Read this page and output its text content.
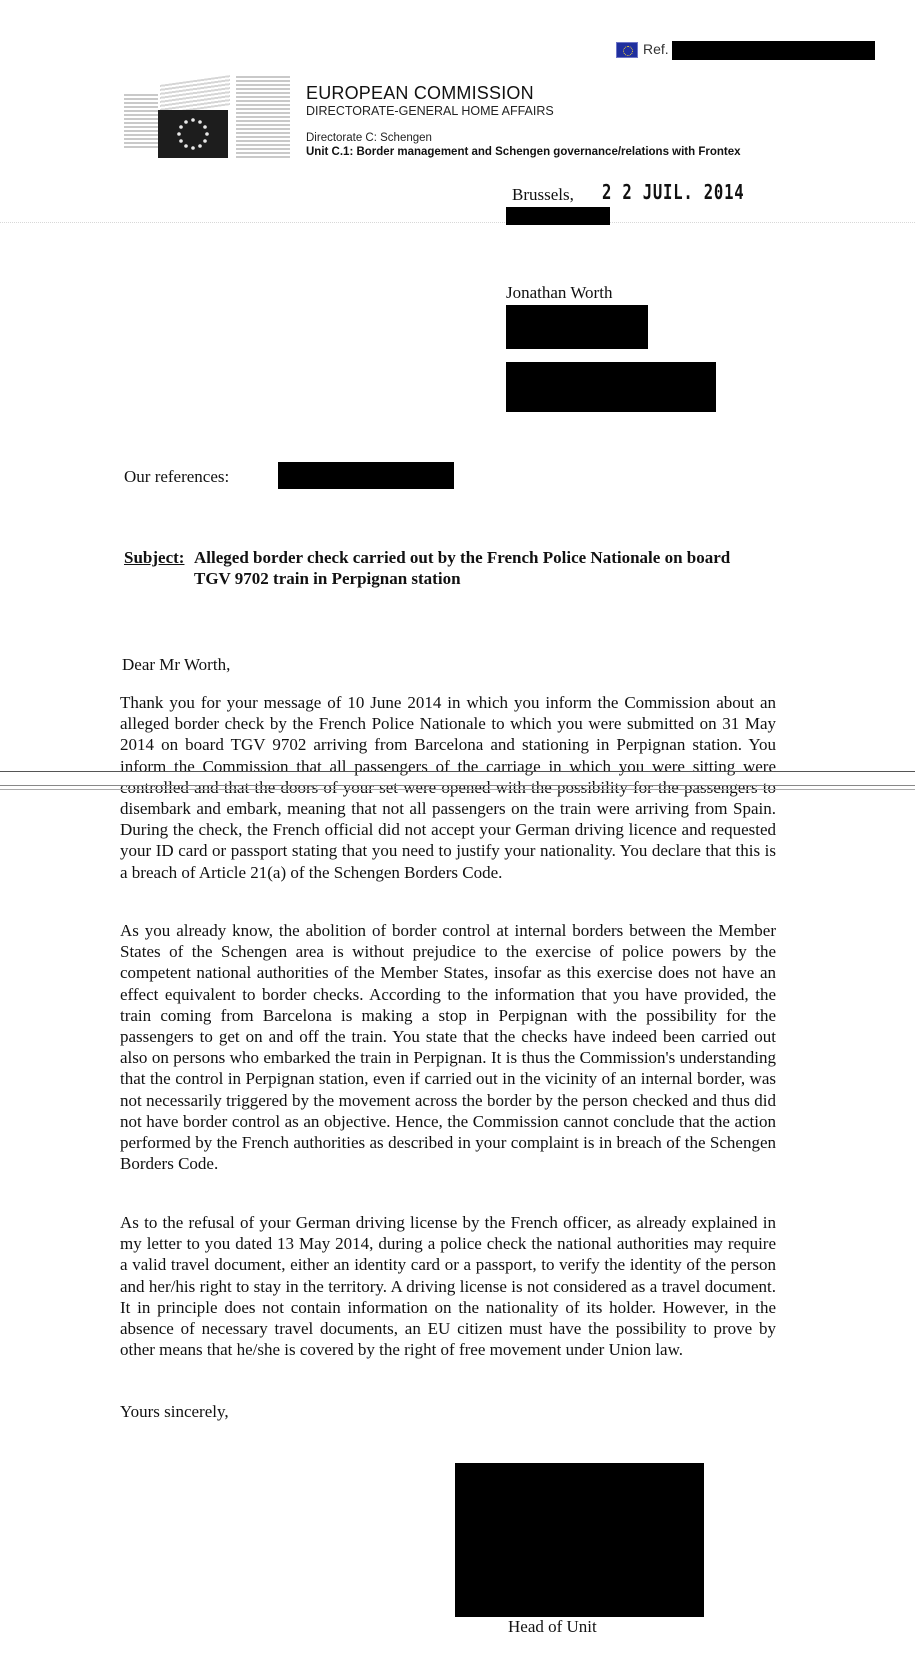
Ref.
EUROPEAN COMMISSION
DIRECTORATE-GENERAL HOME AFFAIRS
Directorate C: Schengen
Unit C.1: Border management and Schengen governance/relations with Frontex
Brussels, 2 2 JUIL. 2014
Jonathan Worth
Our references:
Subject: Alleged border check carried out by the French Police Nationale on board
TGV 9702 train in Perpignan station
Dear Mr Worth,

Thank you for your message of 10 June 2014 in which you inform the Commission about an alleged border check by the French Police Nationale to which you were submitted on 31 May 2014 on board TGV 9702 arriving from Barcelona and stationing in Perpignan station. You inform the Commission that all passengers of the carriage in which you were sitting were controlled and that the doors of your set were opened with the possibility for the passengers to disembark and embark, meaning that not all passengers on the train were arriving from Spain. During the check, the French official did not accept your German driving licence and requested your ID card or passport stating that you need to justify your nationality. You declare that this is a breach of Article 21(a) of the Schengen Borders Code.

As you already know, the abolition of border control at internal borders between the Member States of the Schengen area is without prejudice to the exercise of police powers by the competent national authorities of the Member States, insofar as this exercise does not have an effect equivalent to border checks. According to the information that you have provided, the train coming from Barcelona is making a stop in Perpignan with the possibility for the passengers to get on and off the train. You state that the checks have indeed been carried out also on persons who embarked the train in Perpignan. It is thus the Commission's understanding that the control in Perpignan station, even if carried out in the vicinity of an internal border, was not necessarily triggered by the movement across the border by the person checked and thus did not have border control as an objective. Hence, the Commission cannot conclude that the action performed by the French authorities as described in your complaint is in breach of the Schengen Borders Code.

As to the refusal of your German driving license by the French officer, as already explained in my letter to you dated 13 May 2014, during a police check the national authorities may require a valid travel document, either an identity card or a passport, to verify the identity of the person and her/his right to stay in the territory. A driving license is not considered as a travel document. It in principle does not contain information on the nationality of its holder. However, in the absence of necessary travel documents, an EU citizen must have the possibility to prove by other means that he/she is covered by the right of free movement under Union law.

Yours sincerely,
Head of Unit
